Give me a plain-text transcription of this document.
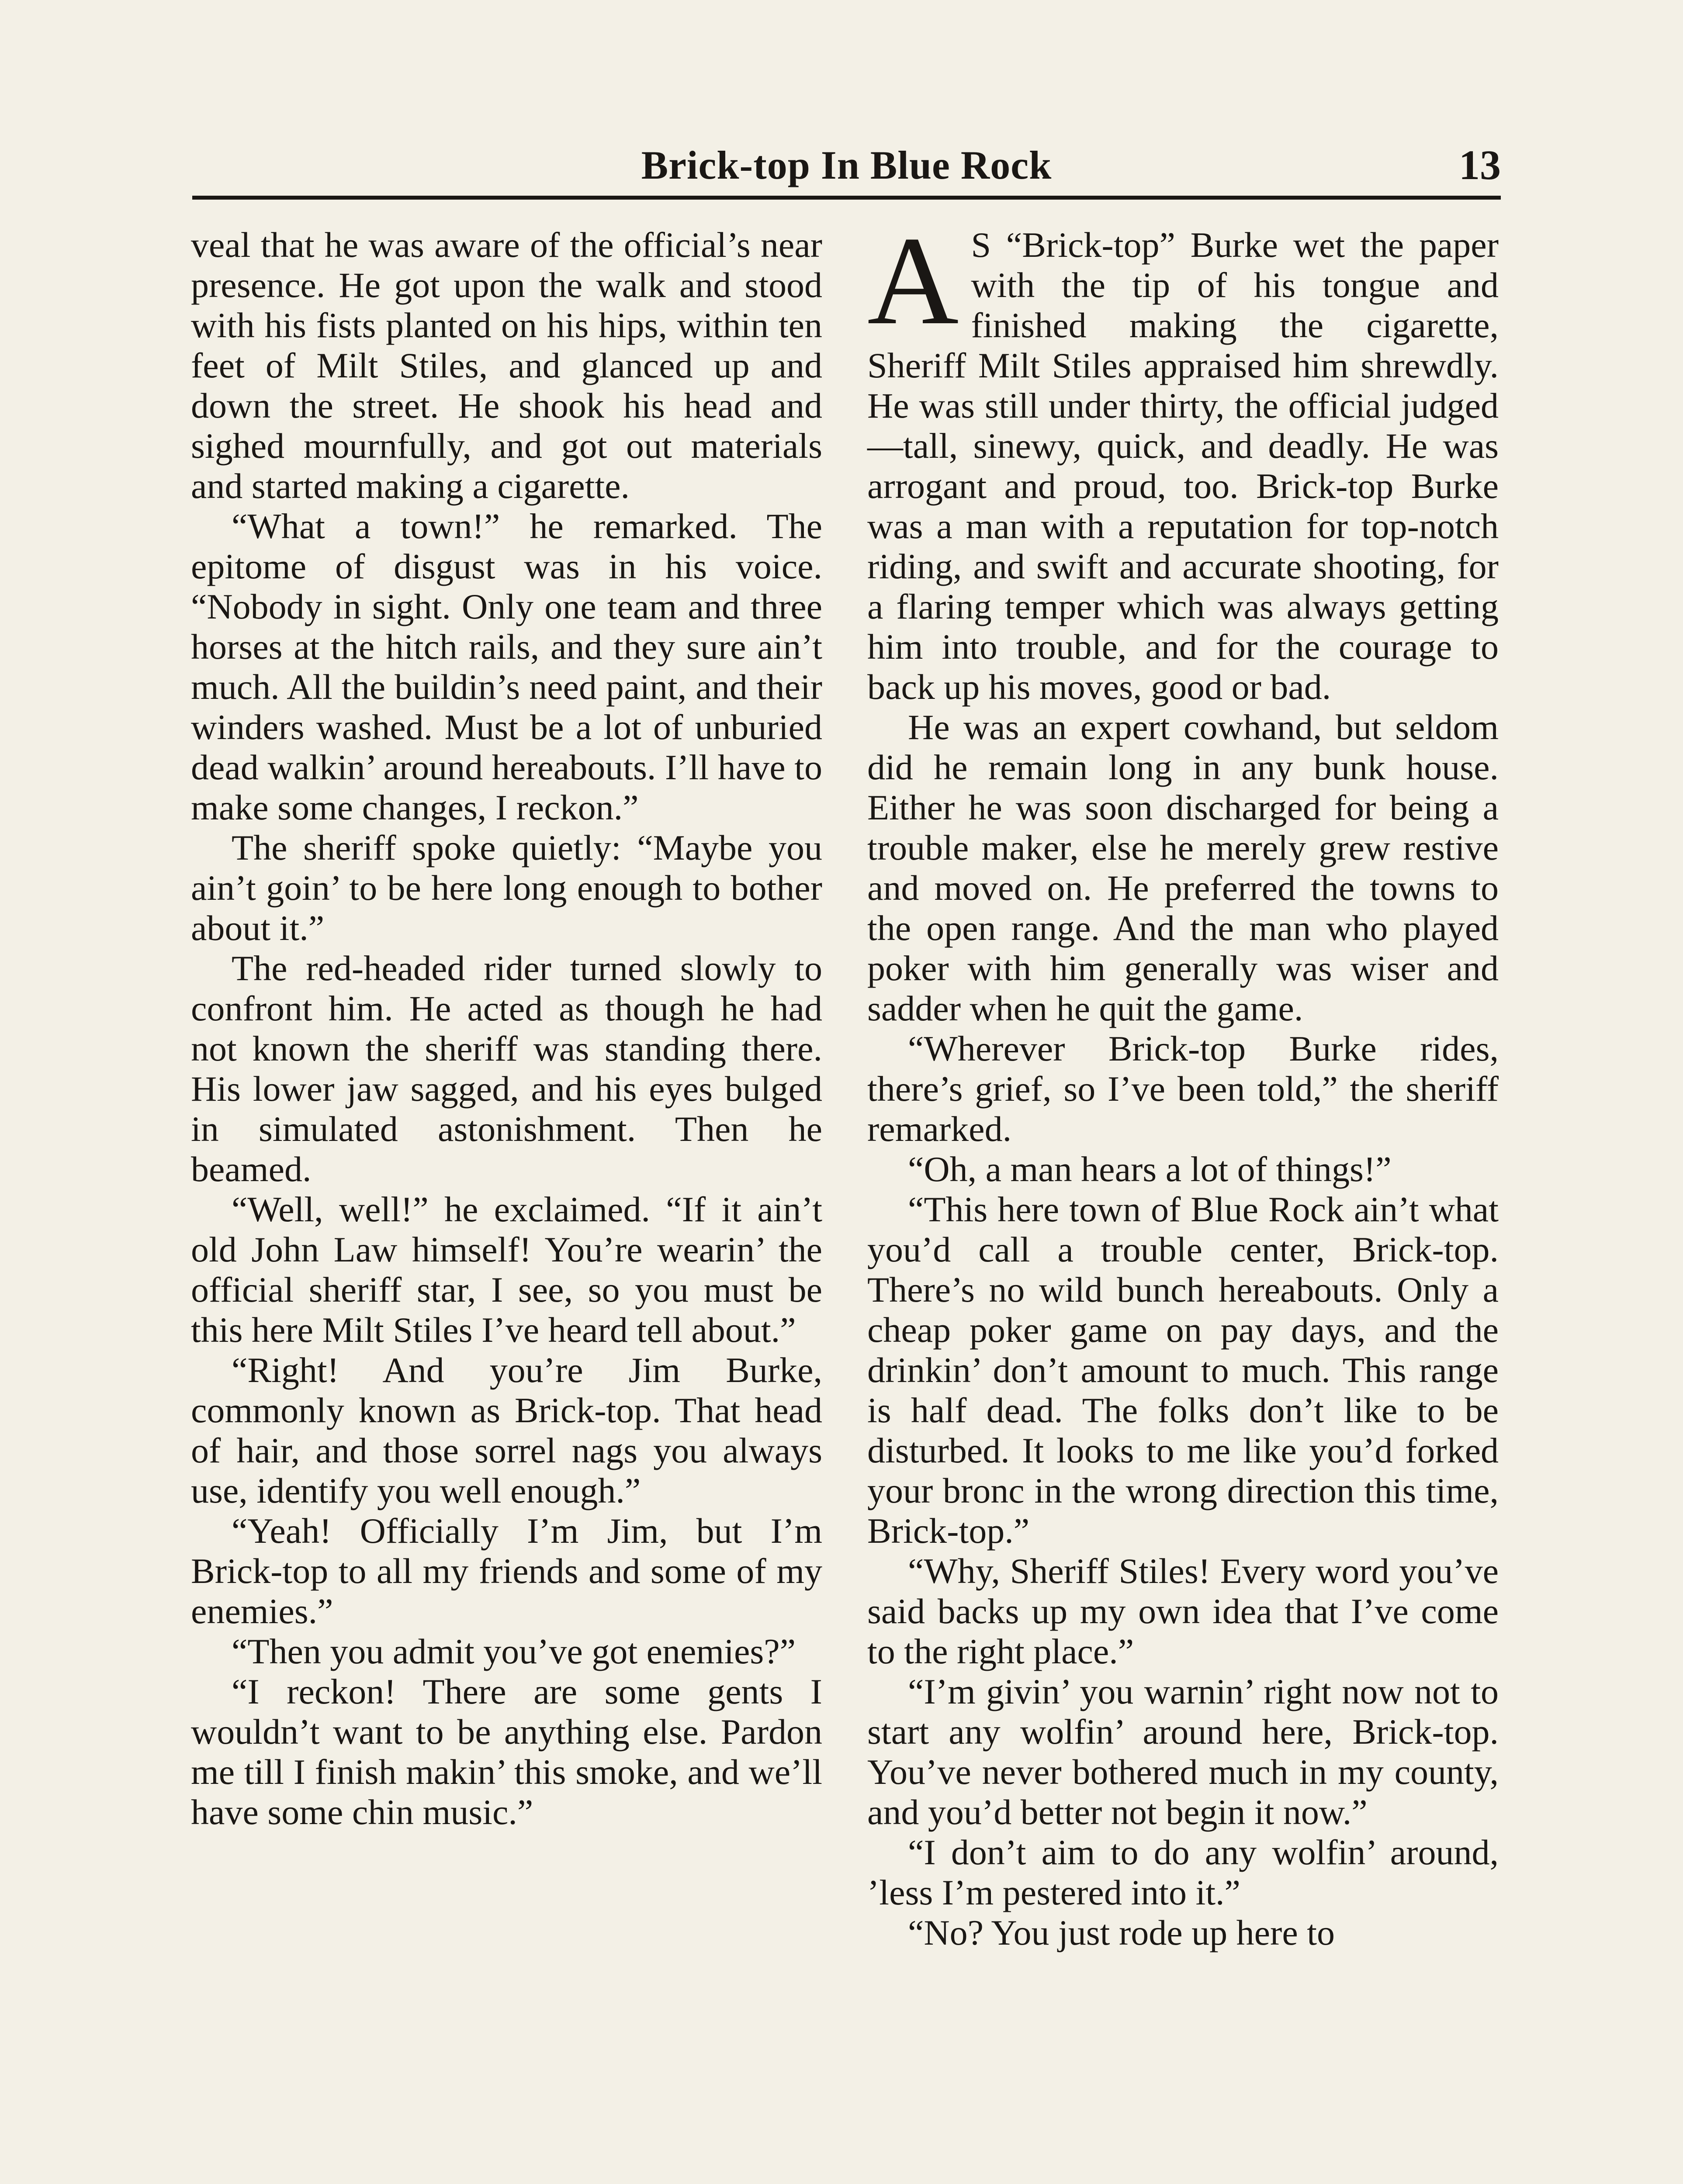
Brick-top In Blue Rock	13

veal that he was aware of the official’s near presence. He got upon the walk and stood with his fists planted on his hips, within ten feet of Milt Stiles, and glanced up and down the street. He shook his head and sighed mournfully, and got out materials and started making a cigarette.

“What a town!” he remarked. The epitome of disgust was in his voice. “Nobody in sight. Only one team and three horses at the hitch rails, and they sure ain’t much. All the buildin’s need paint, and their winders washed. Must be a lot of unburied dead walkin’ around hereabouts. I’ll have to make some changes, I reckon.”

The sheriff spoke quietly: “Maybe you ain’t goin’ to be here long enough to bother about it.”

The red-headed rider turned slowly to confront him. He acted as though he had not known the sheriff was standing there. His lower jaw sagged, and his eyes bulged in simulated astonishment. Then he beamed.

“Well, well!” he exclaimed. “If it ain’t old John Law himself! You’re wearin’ the official sheriff star, I see, so you must be this here Milt Stiles I’ve heard tell about.”

“Right! And you’re Jim Burke, commonly known as Brick-top. That head of hair, and those sorrel nags you always use, identify you well enough.”

“Yeah! Officially I’m Jim, but I’m Brick-top to all my friends and some of my enemies.”

“Then you admit you’ve got enemies?”

“I reckon! There are some gents I wouldn’t want to be anything else. Pardon me till I finish makin’ this smoke, and we’ll have some chin music.”

A S “Brick-top” Burke wet the paper with the tip of his tongue and finished making the cigarette, Sheriff Milt Stiles appraised him shrewdly. He was still under thirty, the official judged—tall, sinewy, quick, and deadly. He was arrogant and proud, too. Brick-top Burke was a man with a reputation for top-notch riding, and swift and accurate shooting, for a flaring temper which was always getting him into trouble, and for the courage to back up his moves, good or bad.

He was an expert cowhand, but seldom did he remain long in any bunk house. Either he was soon discharged for being a trouble maker, else he merely grew restive and moved on. He preferred the towns to the open range. And the man who played poker with him generally was wiser and sadder when he quit the game.

“Wherever Brick-top Burke rides, there’s grief, so I’ve been told,” the sheriff remarked.

“Oh, a man hears a lot of things!”

“This here town of Blue Rock ain’t what you’d call a trouble center, Brick-top. There’s no wild bunch hereabouts. Only a cheap poker game on pay days, and the drinkin’ don’t amount to much. This range is half dead. The folks don’t like to be disturbed. It looks to me like you’d forked your bronc in the wrong direction this time, Brick-top.”

“Why, Sheriff Stiles! Every word you’ve said backs up my own idea that I’ve come to the right place.”

“I’m givin’ you warnin’ right now not to start any wolfin’ around here, Brick-top. You’ve never bothered much in my county, and you’d better not begin it now.”

“I don’t aim to do any wolfin’ around, ’less I’m pestered into it.”

“No? You just rode up here to
